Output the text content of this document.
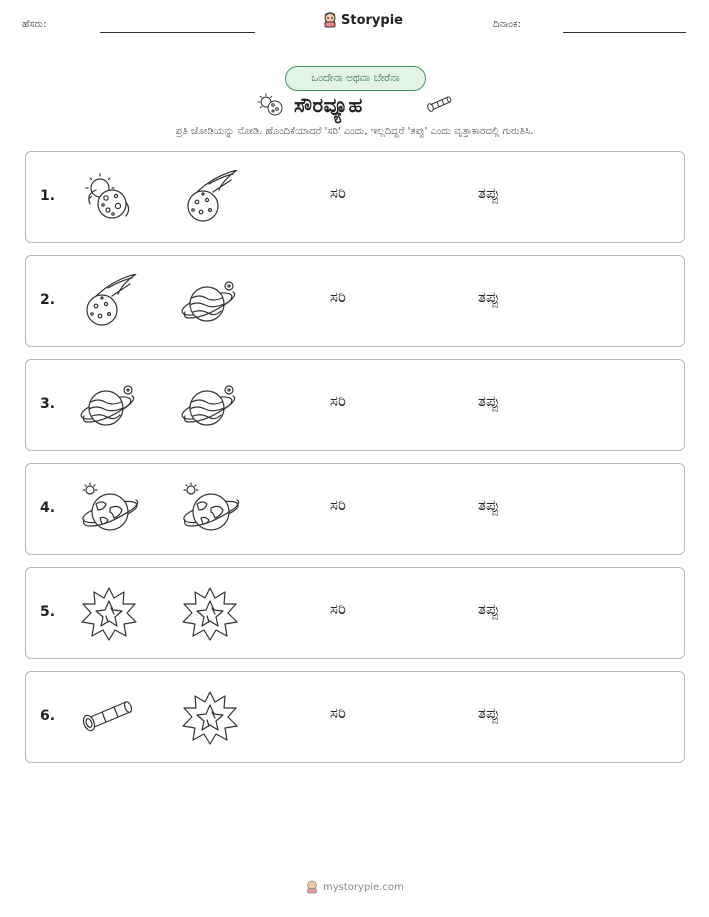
ಹೆಸರು:	Storypie	ದಿನಾಂಕ:
ಒಂದೇನಾ ಅಥವಾ ಬೇರೆನಾ
ಸೌರವ್ಯೂಹ
ಪ್ರತಿ ಜೋಡಿಯನ್ನು ನೋಡಿ. ಹೊಂದಿಕೆಯಾದರೆ 'ಸರಿ' ಎಂದು, ಇಲ್ಲದಿದ್ದರೆ 'ತಪ್ಪು' ಎಂದು ವೃತ್ತಾಕಾರದಲ್ಲಿ ಗುರುತಿಸಿ.
1.	ಸರಿ	ತಪ್ಪು
2.	ಸರಿ	ತಪ್ಪು
3.	ಸರಿ	ತಪ್ಪು
4.	ಸರಿ	ತಪ್ಪು
5.	ಸರಿ	ತಪ್ಪು
6.	ಸರಿ	ತಪ್ಪು
mystorypie.com
